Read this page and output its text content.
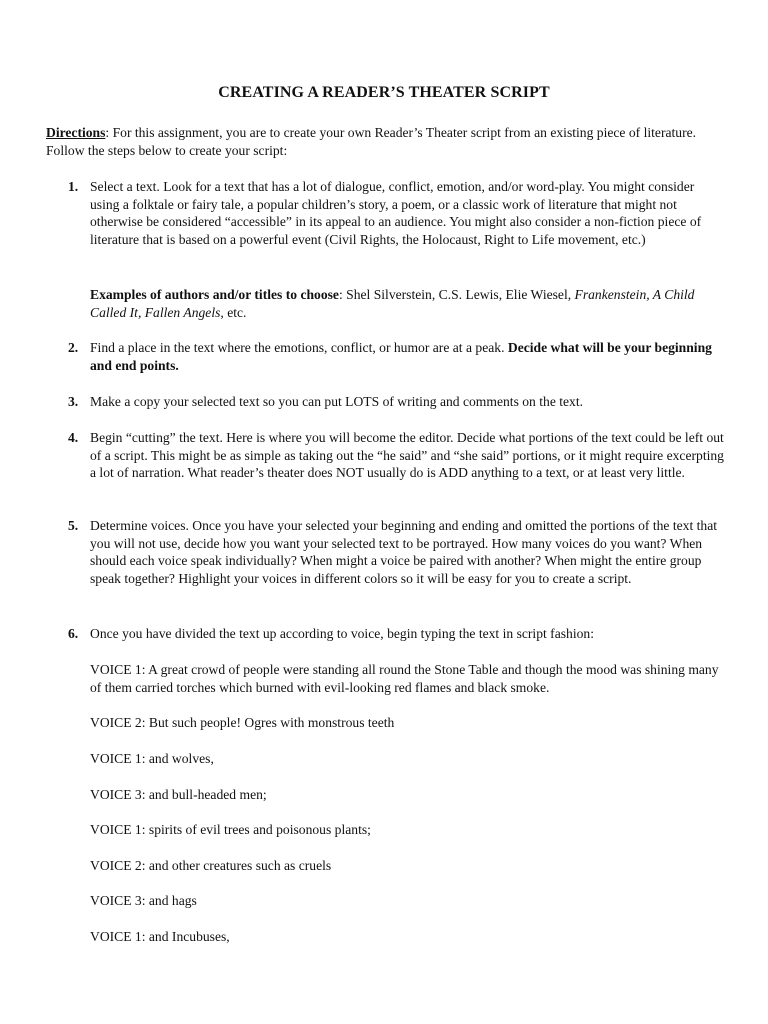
CREATING A READER’S THEATER SCRIPT
Directions: For this assignment, you are to create your own Reader’s Theater script from an existing piece of literature. Follow the steps below to create your script:
1. Select a text. Look for a text that has a lot of dialogue, conflict, emotion, and/or word-play. You might consider using a folktale or fairy tale, a popular children’s story, a poem, or a classic work of literature that might not otherwise be considered “accessible” in its appeal to an audience. You might also consider a non-fiction piece of literature that is based on a powerful event (Civil Rights, the Holocaust, Right to Life movement, etc.)
Examples of authors and/or titles to choose: Shel Silverstein, C.S. Lewis, Elie Wiesel, Frankenstein, A Child Called It, Fallen Angels, etc.
2. Find a place in the text where the emotions, conflict, or humor are at a peak. Decide what will be your beginning and end points.
3. Make a copy your selected text so you can put LOTS of writing and comments on the text.
4. Begin “cutting” the text. Here is where you will become the editor. Decide what portions of the text could be left out of a script. This might be as simple as taking out the “he said” and “she said” portions, or it might require excerpting a lot of narration. What reader’s theater does NOT usually do is ADD anything to a text, or at least very little.
5. Determine voices. Once you have your selected your beginning and ending and omitted the portions of the text that you will not use, decide how you want your selected text to be portrayed. How many voices do you want? When should each voice speak individually? When might a voice be paired with another? When might the entire group speak together? Highlight your voices in different colors so it will be easy for you to create a script.
6. Once you have divided the text up according to voice, begin typing the text in script fashion:
VOICE 1: A great crowd of people were standing all round the Stone Table and though the mood was shining many of them carried torches which burned with evil-looking red flames and black smoke.
VOICE 2: But such people! Ogres with monstrous teeth
VOICE 1: and wolves,
VOICE 3: and bull-headed men;
VOICE 1: spirits of evil trees and poisonous plants;
VOICE 2: and other creatures such as cruels
VOICE 3: and hags
VOICE 1: and Incubuses,
